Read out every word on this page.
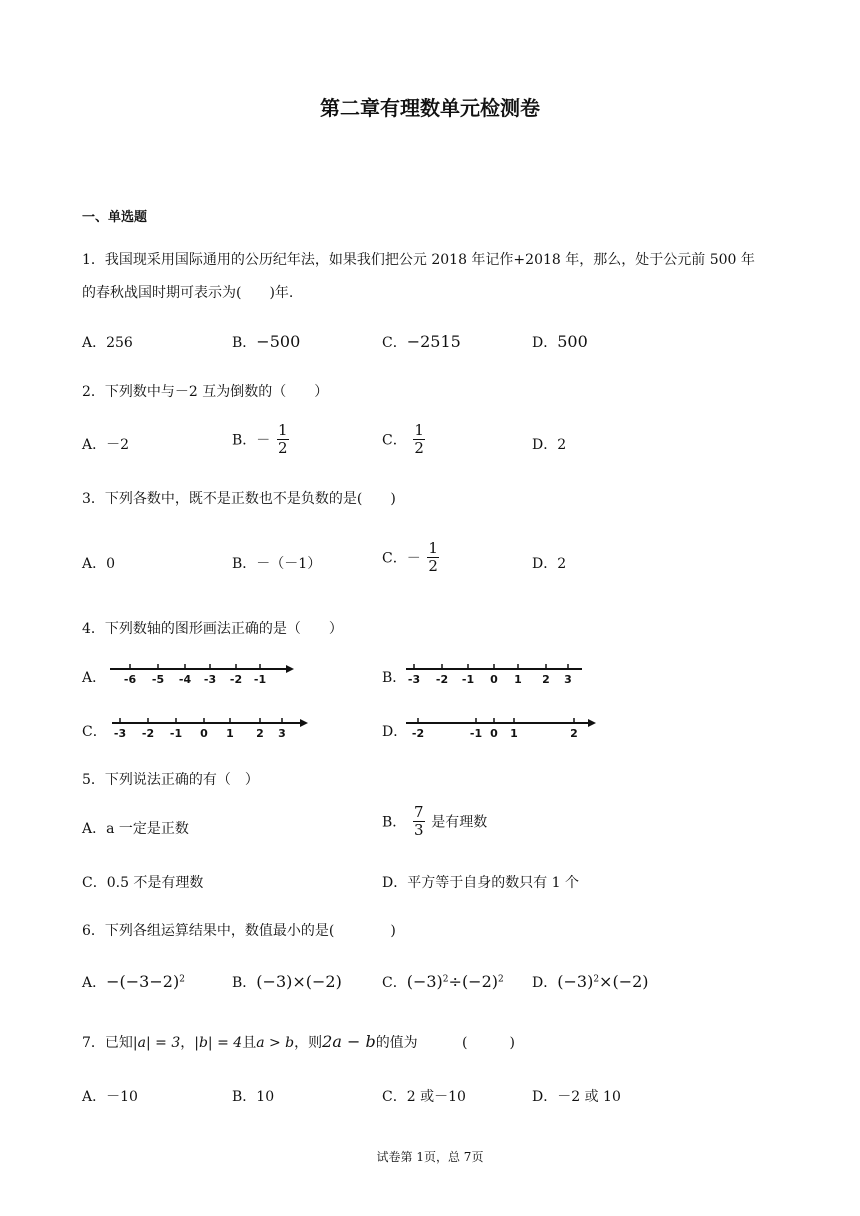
第二章有理数单元检测卷
一、单选题
1．我国现采用国际通用的公历纪年法，如果我们把公元 2018 年记作+2018 年，那么，处于公元前 500 年
的春秋战国时期可表示为(　　)年.
A．256	B．−500	C．−2515	D．500
2．下列数中与－2 互为倒数的（　　）
A．－2	B．－ $\frac{1}{2}$	C． $\frac{1}{2}$	D．2
3．下列各数中，既不是正数也不是负数的是(　　)
A．0	B．－（－1）	C．－ $\frac{1}{2}$	D．2
4．下列数轴的图形画法正确的是（　　）
A．	B．
C．	D．
-6 -5 -4 -3 -2 -1	-3 -2 -1 0 1 2 3
-3 -2 -1 0 1 2 3	-2	-1 0 1	2
5．下列说法正确的有（　）
A．a 一定是正数	B． $\frac{7}{3}$ 是有理数
C．0.5 不是有理数	D．平方等于自身的数只有 1 个
6．下列各组运算结果中，数值最小的是(　　　　)
A．$-(-3-2)^2$	B．(−3)×(−2)	C．$(-3)^2\div(-2)^2$ D．$(-3)^2\times(-2)$
7．已知|a| = 3，|b| = 4且a > b，则2a − b的值为	(　　　)
A．－10	B．10	C．2 或－10	D．－2 或 10
试卷第 1页，总 7页
